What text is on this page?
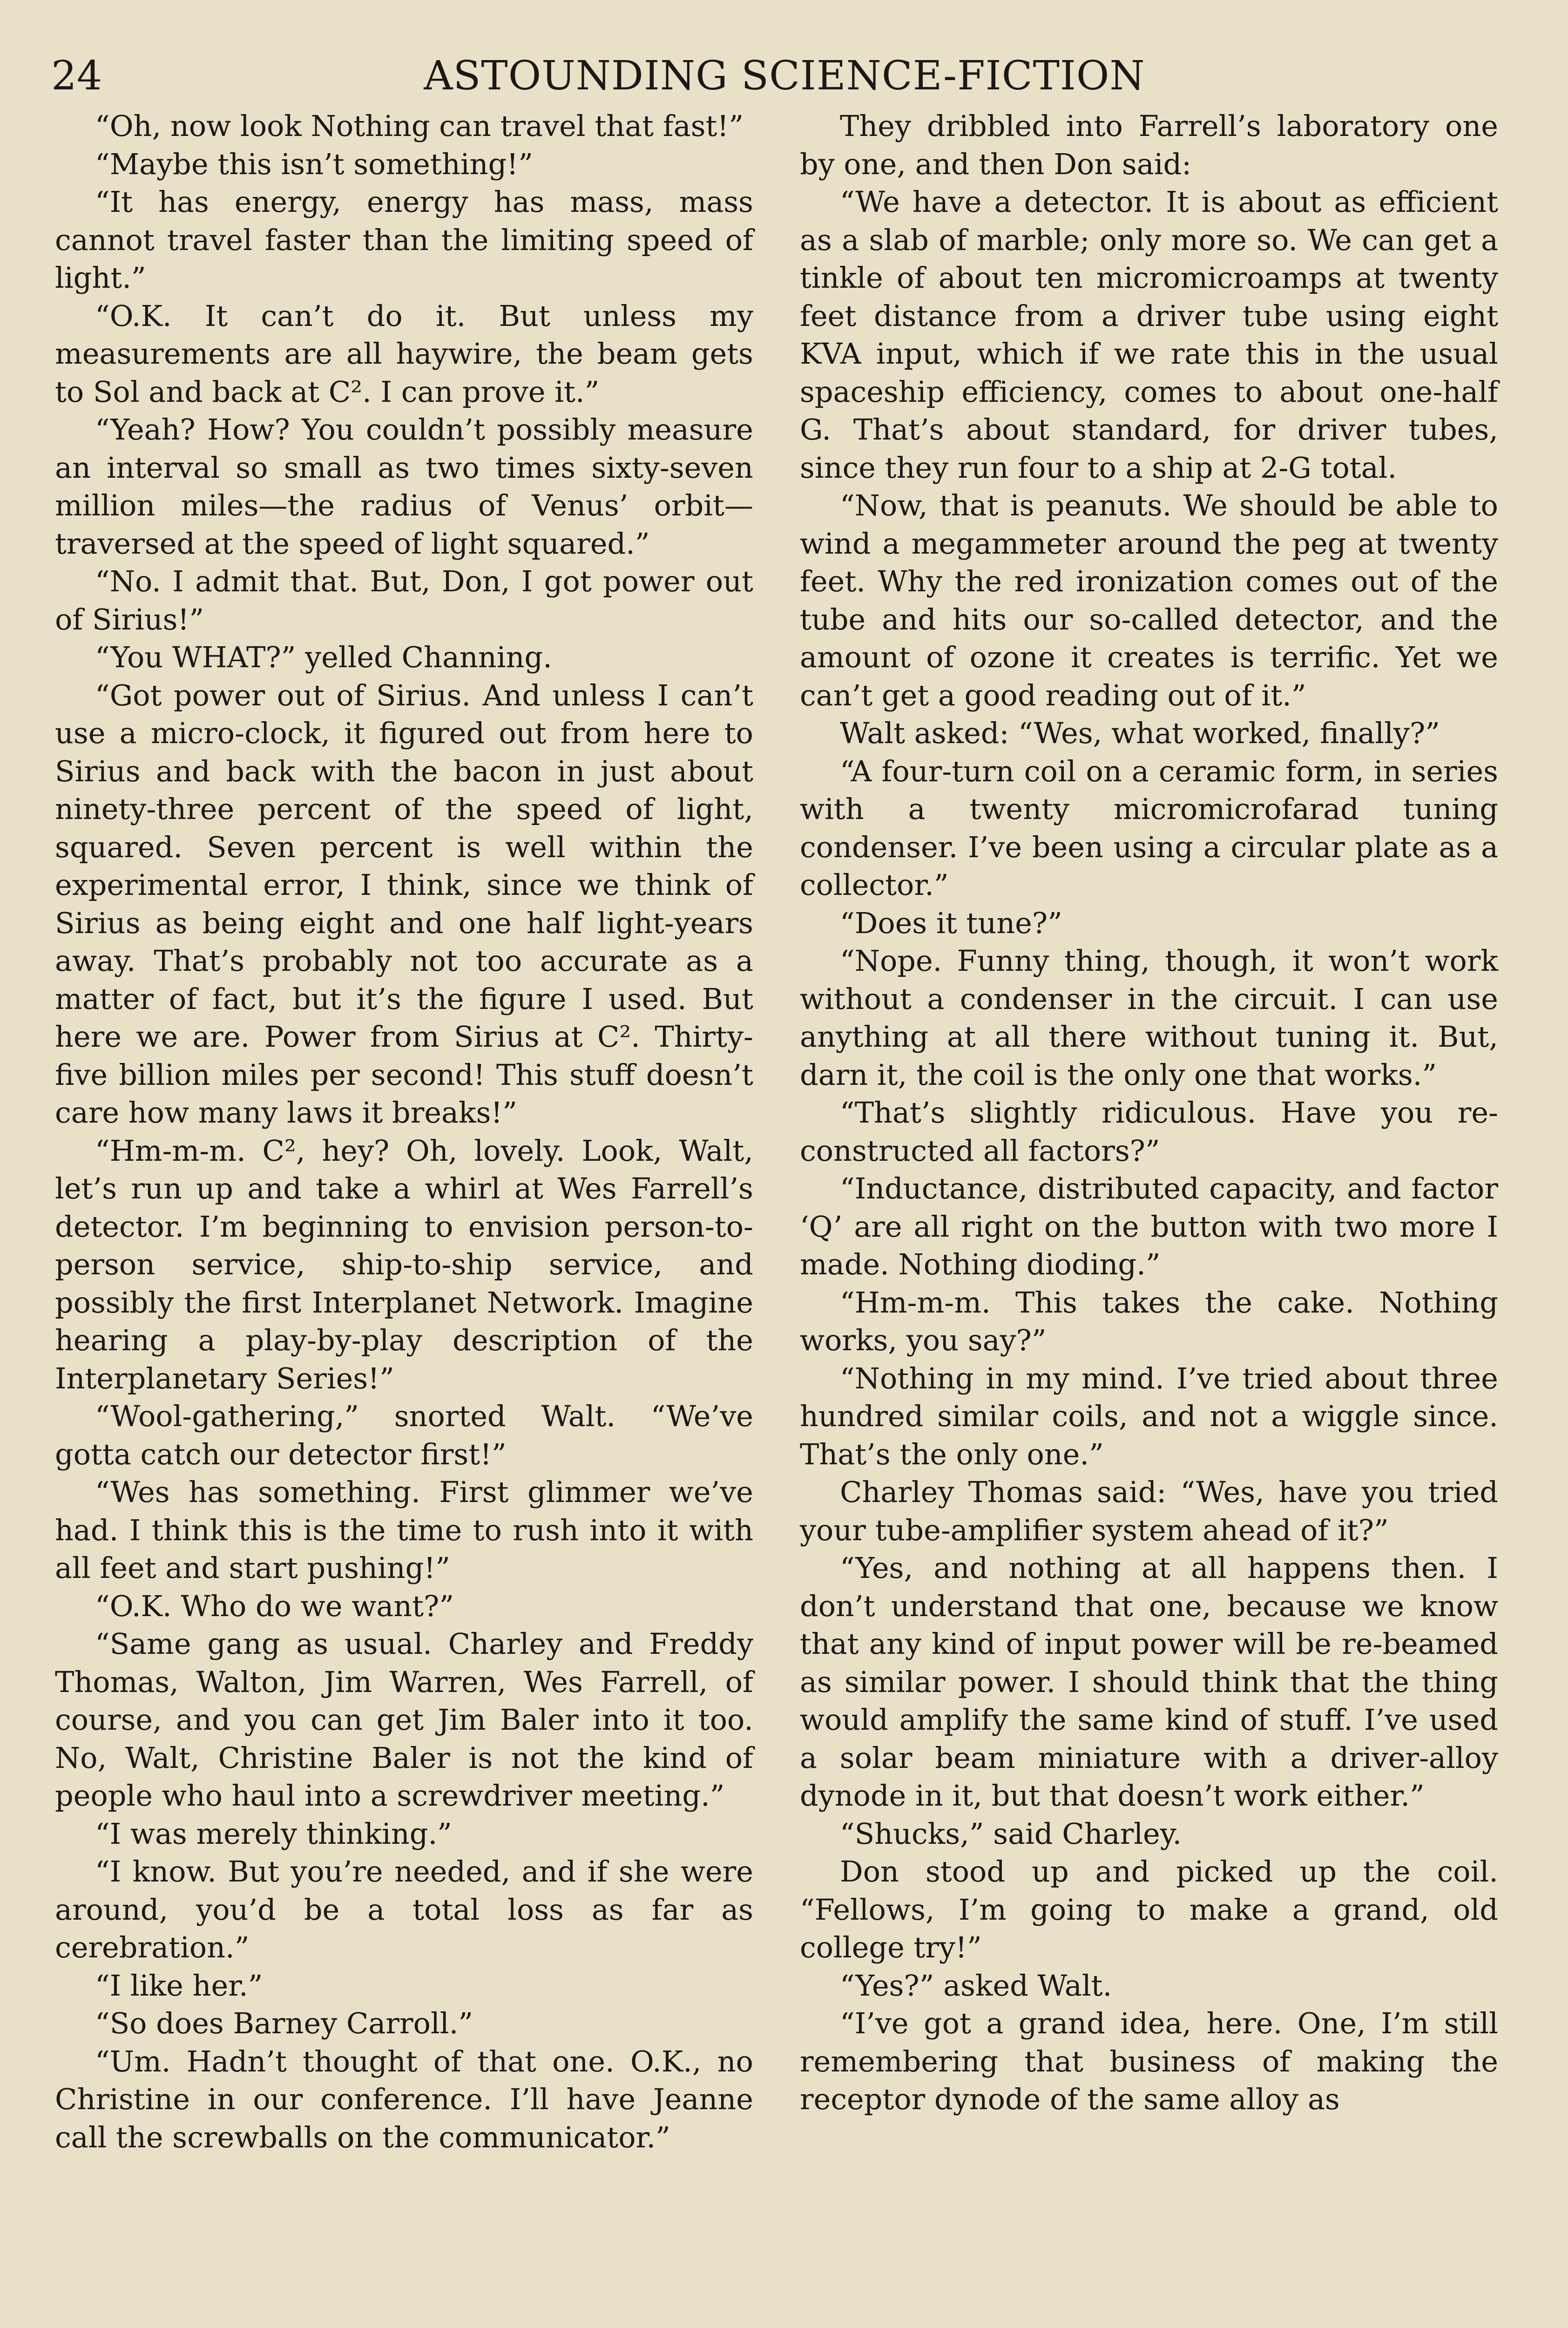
24	ASTOUNDING SCIENCE-FICTION

“Oh, now look Nothing can travel that fast!”

“Maybe this isn’t something!”

“It has energy, energy has mass, mass cannot travel faster than the limiting speed of light.”

“O.K. It can’t do it. But unless my measurements are all haywire, the beam gets to Sol and back at C². I can prove it.”

“Yeah? How? You couldn’t possibly measure an interval so small as two times sixty-seven million miles—the radius of Venus’ orbit—traversed at the speed of light squared.”

“No. I admit that. But, Don, I got power out of Sirius!”

“You WHAT?” yelled Channing.

“Got power out of Sirius. And unless I can’t use a micro-clock, it figured out from here to Sirius and back with the bacon in just about ninety-three percent of the speed of light, squared. Seven percent is well within the experimental error, I think, since we think of Sirius as being eight and one half light-years away. That’s probably not too accurate as a matter of fact, but it’s the figure I used. But here we are. Power from Sirius at C². Thirty-five billion miles per second! This stuff doesn’t care how many laws it breaks!”

“Hm-m-m. C², hey? Oh, lovely. Look, Walt, let’s run up and take a whirl at Wes Farrell’s detector. I’m beginning to envision person-to-person service, ship-to-ship service, and possibly the first Interplanet Network. Imagine hearing a play-by-play description of the Interplanetary Series!”

“Wool-gathering,” snorted Walt. “We’ve gotta catch our detector first!”

“Wes has something. First glimmer we’ve had. I think this is the time to rush into it with all feet and start pushing!”

“O.K. Who do we want?”

“Same gang as usual. Charley and Freddy Thomas, Walton, Jim Warren, Wes Farrell, of course, and you can get Jim Baler into it too. No, Walt, Christine Baler is not the kind of people who haul into a screwdriver meeting.”

“I was merely thinking.”

“I know. But you’re needed, and if she were around, you’d be a total loss as far as cerebration.”

“I like her.”

“So does Barney Carroll.”

“Um. Hadn’t thought of that one. O.K., no Christine in our conference. I’ll have Jeanne call the screwballs on the communicator.”

They dribbled into Farrell’s laboratory one by one, and then Don said:

“We have a detector. It is about as efficient as a slab of marble; only more so. We can get a tinkle of about ten micromicroamps at twenty feet distance from a driver tube using eight KVA input, which if we rate this in the usual spaceship efficiency, comes to about one-half G. That’s about standard, for driver tubes, since they run four to a ship at 2-G total.

“Now, that is peanuts. We should be able to wind a megammeter around the peg at twenty feet. Why the red ironization comes out of the tube and hits our so-called detector, and the amount of ozone it creates is terrific. Yet we can’t get a good reading out of it.”

Walt asked: “Wes, what worked, finally?”

“A four-turn coil on a ceramic form, in series with a twenty micromicrofarad tuning condenser. I’ve been using a circular plate as a collector.”

“Does it tune?”

“Nope. Funny thing, though, it won’t work without a condenser in the circuit. I can use anything at all there without tuning it. But, darn it, the coil is the only one that works.”

“That’s slightly ridiculous. Have you reconstructed all factors?”

“Inductance, distributed capacity, and factor ‘Q’ are all right on the button with two more I made. Nothing dioding.”

“Hm-m-m. This takes the cake. Nothing works, you say?”

“Nothing in my mind. I’ve tried about three hundred similar coils, and not a wiggle since. That’s the only one.”

Charley Thomas said: “Wes, have you tried your tube-amplifier system ahead of it?”

“Yes, and nothing at all happens then. I don’t understand that one, because we know that any kind of input power will be re-beamed as similar power. I should think that the thing would amplify the same kind of stuff. I’ve used a solar beam miniature with a driver-alloy dynode in it, but that doesn’t work either.”

“Shucks,” said Charley.

Don stood up and picked up the coil. “Fellows, I’m going to make a grand, old college try!”

“Yes?” asked Walt.

“I’ve got a grand idea, here. One, I’m still remembering that business of making the receptor dynode of the same alloy as
